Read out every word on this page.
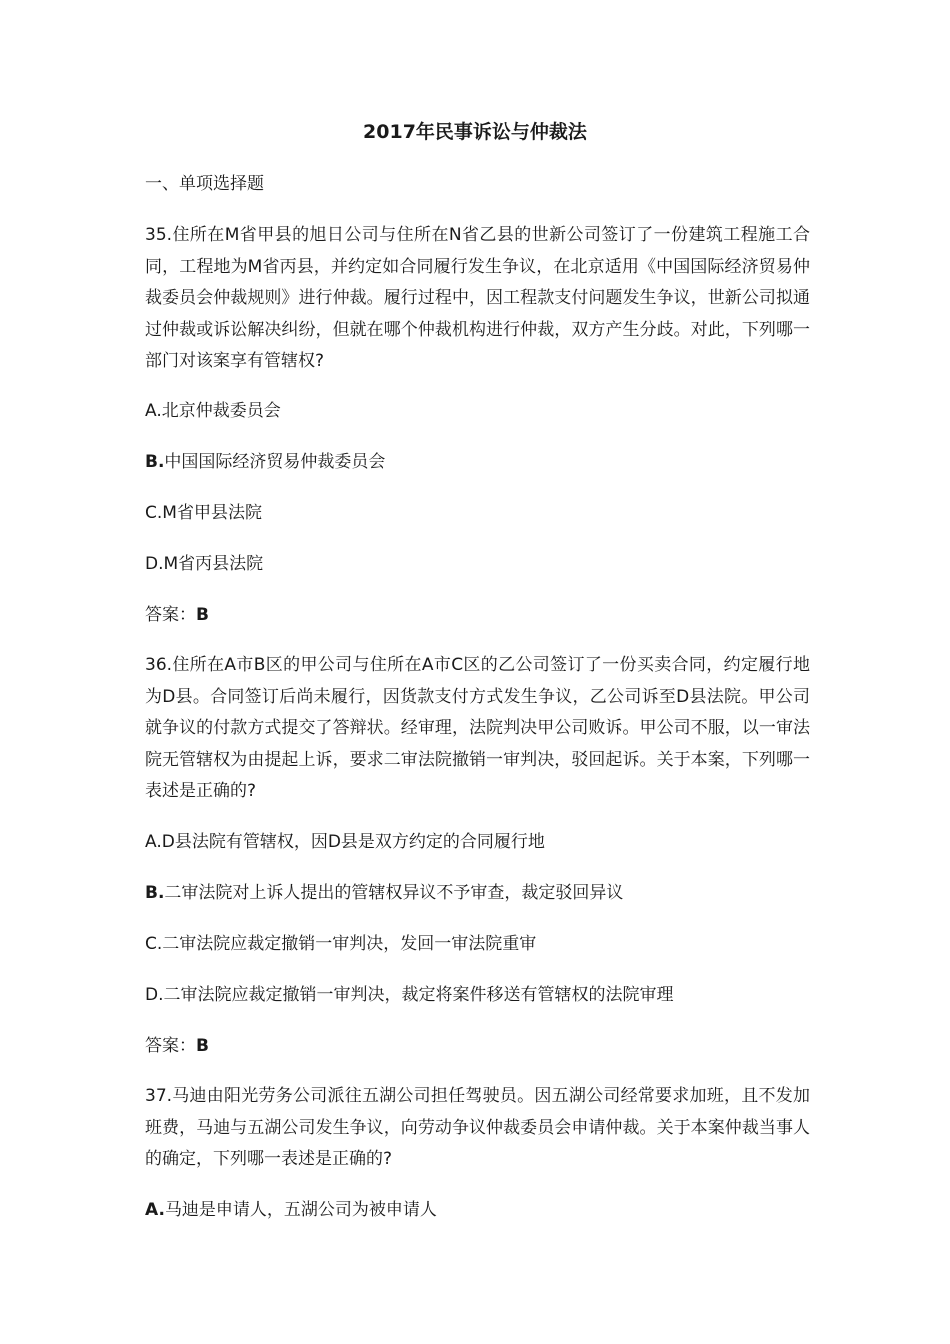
2017年民事诉讼与仲裁法
一、单项选择题
35.住所在M省甲县的旭日公司与住所在N省乙县的世新公司签订了一份建筑工程施工合同，工程地为M省丙县，并约定如合同履行发生争议，在北京适用《中国国际经济贸易仲裁委员会仲裁规则》进行仲裁。履行过程中，因工程款支付问题发生争议，世新公司拟通过仲裁或诉讼解决纠纷，但就在哪个仲裁机构进行仲裁，双方产生分歧。对此，下列哪一部门对该案享有管辖权?
A.北京仲裁委员会
B.中国国际经济贸易仲裁委员会
C.M省甲县法院
D.M省丙县法院
答案：B
36.住所在A市B区的甲公司与住所在A市C区的乙公司签订了一份买卖合同，约定履行地为D县。合同签订后尚未履行，因货款支付方式发生争议，乙公司诉至D县法院。甲公司就争议的付款方式提交了答辩状。经审理，法院判决甲公司败诉。甲公司不服，以一审法院无管辖权为由提起上诉，要求二审法院撤销一审判决，驳回起诉。关于本案，下列哪一表述是正确的?
A.D县法院有管辖权，因D县是双方约定的合同履行地
B.二审法院对上诉人提出的管辖权异议不予审查，裁定驳回异议
C.二审法院应裁定撤销一审判决，发回一审法院重审
D.二审法院应裁定撤销一审判决，裁定将案件移送有管辖权的法院审理
答案：B
37.马迪由阳光劳务公司派往五湖公司担任驾驶员。因五湖公司经常要求加班，且不发加班费，马迪与五湖公司发生争议，向劳动争议仲裁委员会申请仲裁。关于本案仲裁当事人的确定，下列哪一表述是正确的?
A.马迪是申请人，五湖公司为被申请人
